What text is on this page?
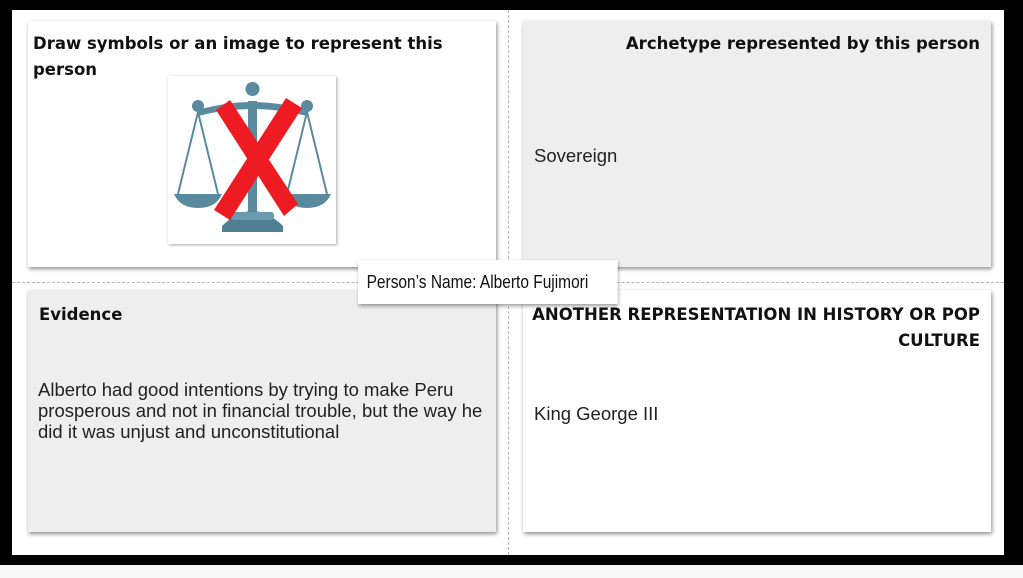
Draw symbols or an image to represent this person
Archetype represented by this person
Sovereign
Evidence
Alberto had good intentions by trying to make Peru prosperous and not in financial trouble, but the way he did it was unjust and unconstitutional
ANOTHER REPRESENTATION IN HISTORY OR POP CULTURE
King George III
Person’s Name: Alberto Fujimori
